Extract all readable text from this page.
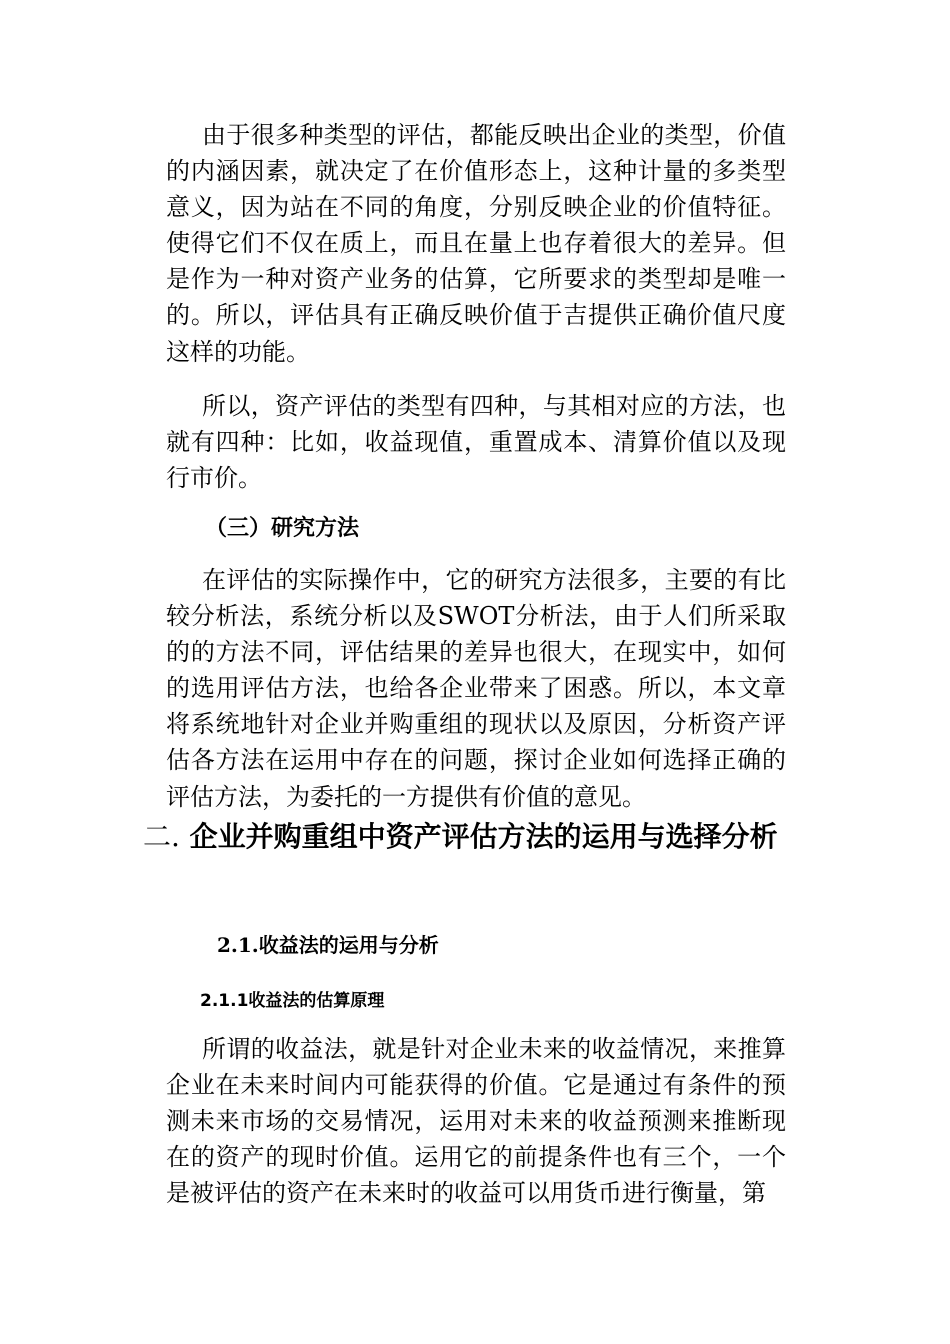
由于很多种类型的评估，都能反映出企业的类型，价值的内涵因素，就决定了在价值形态上，这种计量的多类型意义，因为站在不同的角度，分别反映企业的价值特征。使得它们不仅在质上，而且在量上也存着很大的差异。但是作为一种对资产业务的估算，它所要求的类型却是唯一的。所以，评估具有正确反映价值于吉提供正确价值尺度这样的功能。

所以，资产评估的类型有四种，与其相对应的方法，也就有四种：比如，收益现值，重置成本、清算价值以及现行市价。

（三）研究方法

在评估的实际操作中，它的研究方法很多，主要的有比较分析法，系统分析以及SWOT分析法，由于人们所采取的的方法不同，评估结果的差异也很大，在现实中，如何的选用评估方法，也给各企业带来了困惑。所以，本文章将系统地针对企业并购重组的现状以及原因，分析资产评估各方法在运用中存在的问题，探讨企业如何选择正确的评估方法，为委托的一方提供有价值的意见。

二. 企业并购重组中资产评估方法的运用与选择分析
2.1.收益法的运用与分析
2.1.1收益法的估算原理

所谓的收益法，就是针对企业未来的收益情况，来推算企业在未来时间内可能获得的价值。它是通过有条件的预测未来市场的交易情况，运用对未来的收益预测来推断现在的资产的现时价值。运用它的前提条件也有三个，一个是被评估的资产在未来时的收益可以用货币进行衡量，第
